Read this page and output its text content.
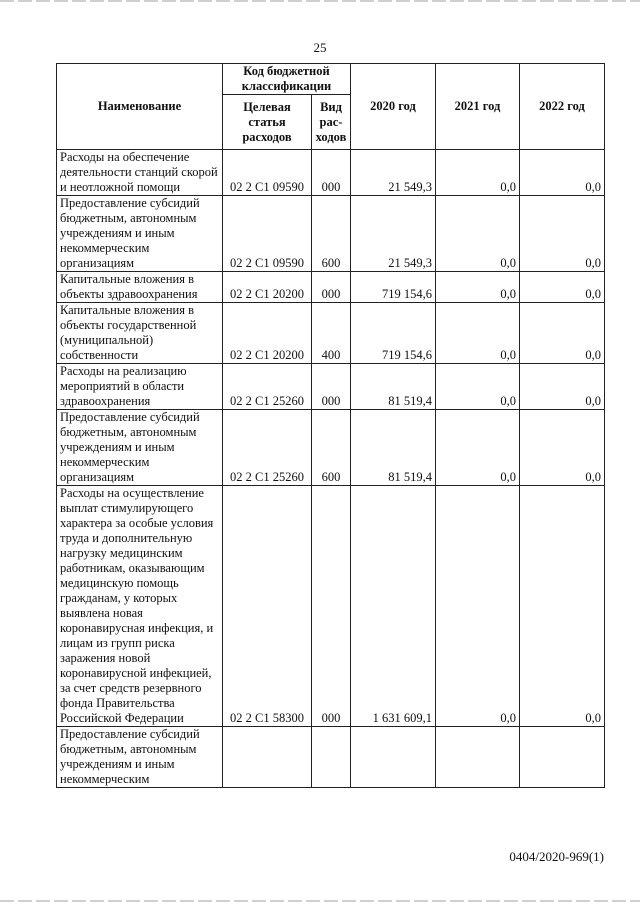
25
Наименование	Код бюджетной классификации		2020 год	2021 год	2022 год
	Целевая статья расходов	Вид рас-ходов			
Расходы на обеспечение деятельности станций скорой и неотложной помощи	02 2 С1 09590	000	21 549,3	0,0	0,0
Предоставление субсидий бюджетным, автономным учреждениям и иным некоммерческим организациям	02 2 С1 09590	600	21 549,3	0,0	0,0
Капитальные вложения в объекты здравоохранения	02 2 С1 20200	000	719 154,6	0,0	0,0
Капитальные вложения в объекты государственной (муниципальной) собственности	02 2 С1 20200	400	719 154,6	0,0	0,0
Расходы на реализацию мероприятий в области здравоохранения	02 2 С1 25260	000	81 519,4	0,0	0,0
Предоставление субсидий бюджетным, автономным учреждениям и иным некоммерческим организациям	02 2 С1 25260	600	81 519,4	0,0	0,0
Расходы на осуществление выплат стимулирующего характера за особые условия труда и дополнительную нагрузку медицинским работникам, оказывающим медицинскую помощь гражданам, у которых выявлена новая коронавирусная инфекция, и лицам из групп риска заражения новой коронавирусной инфекцией, за счет средств резервного фонда Правительства Российской Федерации	02 2 С1 58300	000	1 631 609,1	0,0	0,0
Предоставление субсидий бюджетным, автономным учреждениям и иным некоммерческим					
0404/2020-969(1)
